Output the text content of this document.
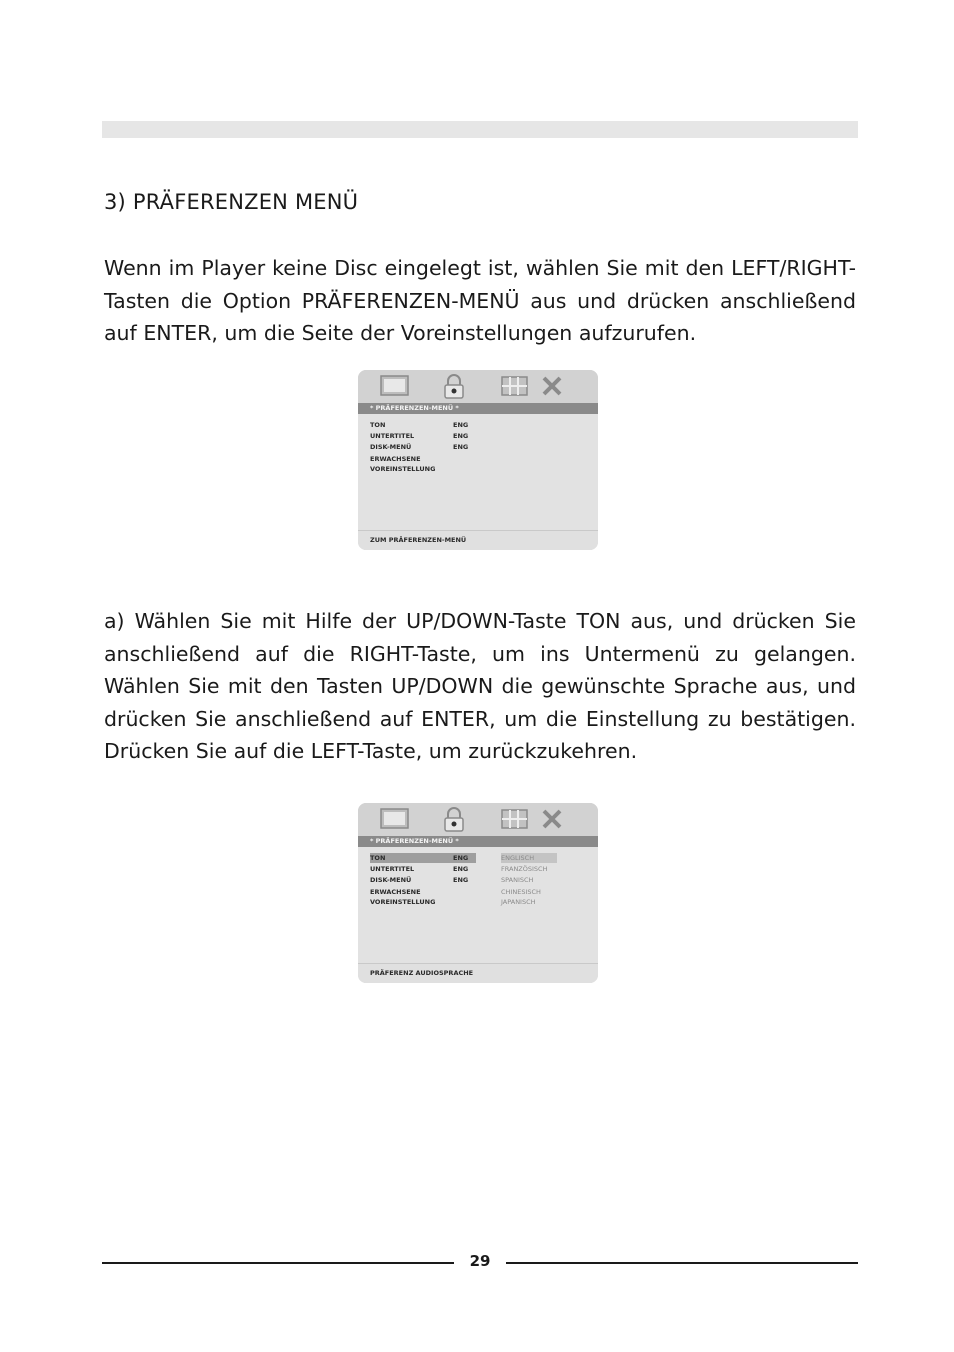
3) PRÄFERENZEN MENÜ

Wenn im Player keine Disc eingelegt ist, wählen Sie mit den LEFT/RIGHT-Tasten die Option PRÄFERENZEN-MENÜ aus und drücken anschließend auf ENTER, um die Seite der Voreinstellungen aufzurufen.

* PRÄFERENZEN-MENÜ *
TON	ENG
UNTERTITEL	ENG
DISK-MENÜ	ENG
ERWACHSENE
VOREINSTELLUNG
ZUM PRÄFERENZEN-MENÜ

a) Wählen Sie mit Hilfe der UP/DOWN-Taste TON aus, und drücken Sie anschließend auf die RIGHT-Taste, um ins Untermenü zu gelangen. Wählen Sie mit den Tasten UP/DOWN die gewünschte Sprache aus, und drücken Sie anschließend auf ENTER, um die Einstellung zu bestätigen. Drücken Sie auf die LEFT-Taste, um zurückzukehren.

* PRÄFERENZEN-MENÜ *
TON	ENG
UNTERTITEL	ENG
DISK-MENÜ	ENG
ERWACHSENE
VOREINSTELLUNG
ENGLISCH
FRANZÖSISCH
SPANISCH
CHINESISCH
JAPANISCH
PRÄFERENZ AUDIOSPRACHE
29
